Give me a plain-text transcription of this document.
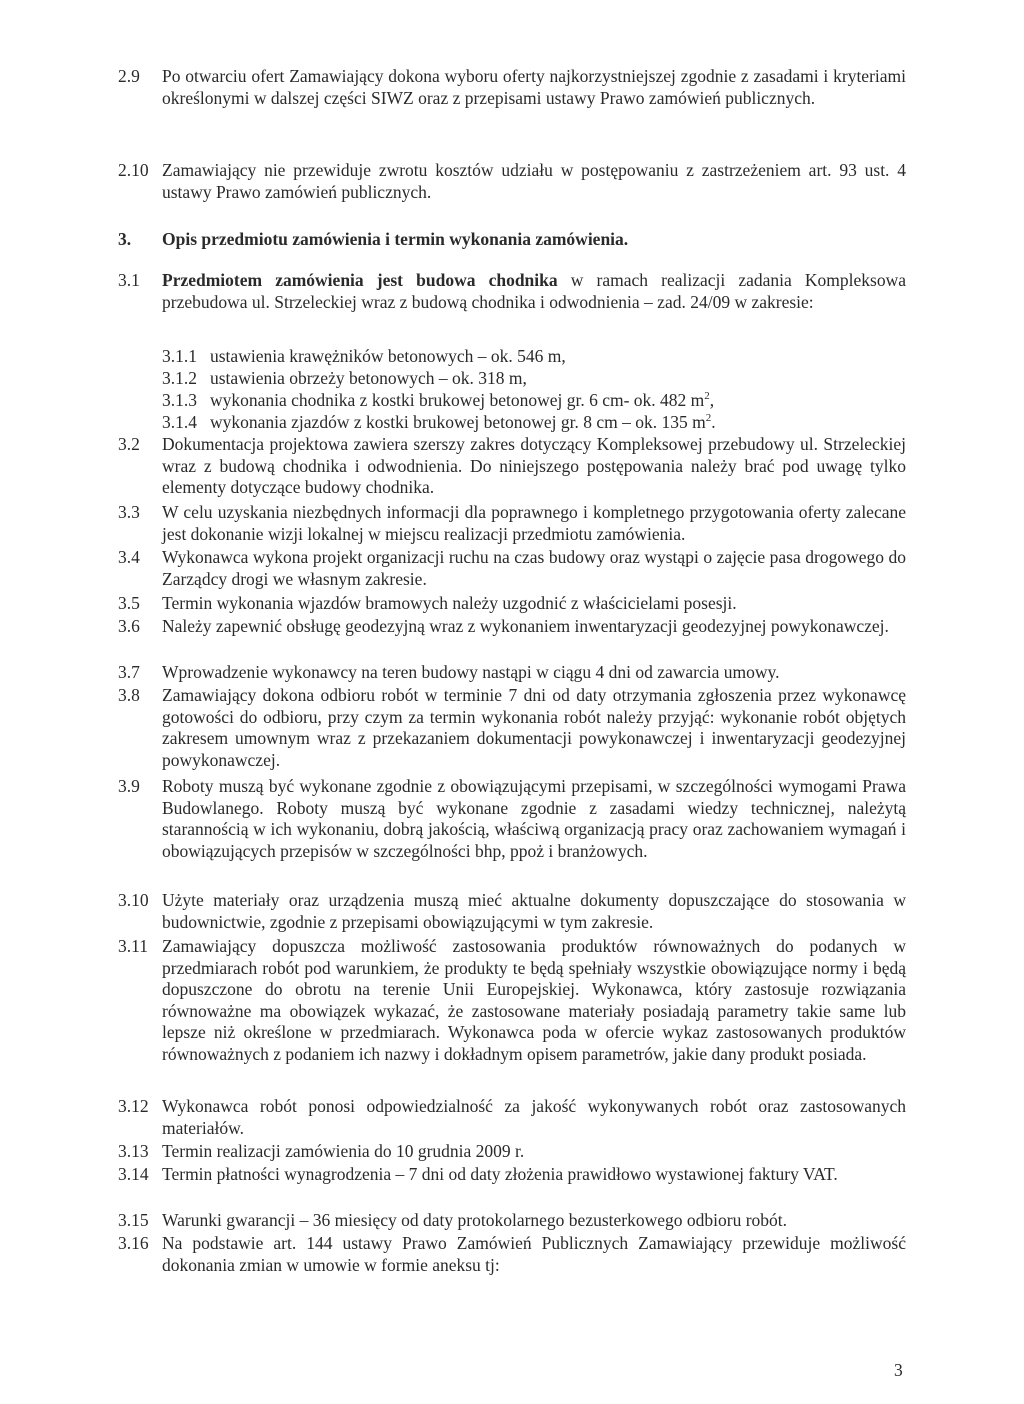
2.9	Po otwarciu ofert Zamawiający dokona wyboru oferty najkorzystniejszej zgodnie z zasadami i kryteriami określonymi w dalszej części SIWZ oraz z przepisami ustawy Prawo zamówień publicznych.
2.10 Zamawiający nie przewiduje zwrotu kosztów udziału w postępowaniu z zastrzeżeniem art. 93 ust. 4 ustawy Prawo zamówień publicznych.
3.	Opis przedmiotu zamówienia i termin wykonania zamówienia.
3.1	Przedmiotem zamówienia jest budowa chodnika w ramach realizacji zadania Kompleksowa przebudowa ul. Strzeleckiej wraz z budową chodnika i odwodnienia – zad. 24/09 w zakresie:
3.1.1 ustawienia krawężników betonowych – ok. 546 m,
3.1.2 ustawienia obrzeży betonowych – ok. 318 m,
3.1.3 wykonania chodnika z kostki brukowej betonowej gr. 6 cm- ok. 482 $m^2$,
3.1.4 wykonania zjazdów z kostki brukowej betonowej gr. 8 cm – ok. 135 $m^2$.
3.2	Dokumentacja projektowa zawiera szerszy zakres dotyczący Kompleksowej przebudowy ul. Strzeleckiej wraz z budową chodnika i odwodnienia. Do niniejszego postępowania należy brać pod uwagę tylko elementy dotyczące budowy chodnika.
3.3	W celu uzyskania niezbędnych informacji dla poprawnego i kompletnego przygotowania oferty zalecane jest dokonanie wizji lokalnej w miejscu realizacji przedmiotu zamówienia.
3.4	Wykonawca wykona projekt organizacji ruchu na czas budowy oraz wystąpi o zajęcie pasa drogowego do Zarządcy drogi we własnym zakresie.
3.5	Termin wykonania wjazdów bramowych należy uzgodnić z właścicielami posesji.
3.6	Należy zapewnić obsługę geodezyjną wraz z wykonaniem inwentaryzacji geodezyjnej powykonawczej.
3.7	Wprowadzenie wykonawcy na teren budowy nastąpi w ciągu 4 dni od zawarcia umowy.
3.8	Zamawiający dokona odbioru robót w terminie 7 dni od daty otrzymania zgłoszenia przez wykonawcę gotowości do odbioru, przy czym za termin wykonania robót należy przyjąć: wykonanie robót objętych zakresem umownym wraz z przekazaniem dokumentacji powykonawczej i inwentaryzacji geodezyjnej powykonawczej.
3.9	Roboty muszą być wykonane zgodnie z obowiązującymi przepisami, w szczególności wymogami Prawa Budowlanego. Roboty muszą być wykonane zgodnie z zasadami wiedzy technicznej, należytą starannością w ich wykonaniu, dobrą jakością, właściwą organizacją pracy oraz zachowaniem wymagań i obowiązujących przepisów w szczególności bhp, ppoż i branżowych.
3.10 Użyte materiały oraz urządzenia muszą mieć aktualne dokumenty dopuszczające do stosowania w budownictwie, zgodnie z przepisami obowiązującymi w tym zakresie.
3.11 Zamawiający dopuszcza możliwość zastosowania produktów równoważnych do podanych w przedmiarach robót pod warunkiem, że produkty te będą spełniały wszystkie obowiązujące normy i będą dopuszczone do obrotu na terenie Unii Europejskiej. Wykonawca, który zastosuje rozwiązania równoważne ma obowiązek wykazać, że zastosowane materiały posiadają parametry takie same lub lepsze niż określone w przedmiarach. Wykonawca poda w ofercie wykaz zastosowanych produktów równoważnych z podaniem ich nazwy i dokładnym opisem parametrów, jakie dany produkt posiada.
3.12 Wykonawca robót ponosi odpowiedzialność za jakość wykonywanych robót oraz zastosowanych materiałów.
3.13 Termin realizacji zamówienia do 10 grudnia 2009 r.
3.14 Termin płatności wynagrodzenia – 7 dni od daty złożenia prawidłowo wystawionej faktury VAT.
3.15 Warunki gwarancji – 36 miesięcy od daty protokolarnego bezusterkowego odbioru robót.
3.16 Na podstawie art. 144 ustawy Prawo Zamówień Publicznych Zamawiający przewiduje możliwość dokonania zmian w umowie w formie aneksu tj:
3
